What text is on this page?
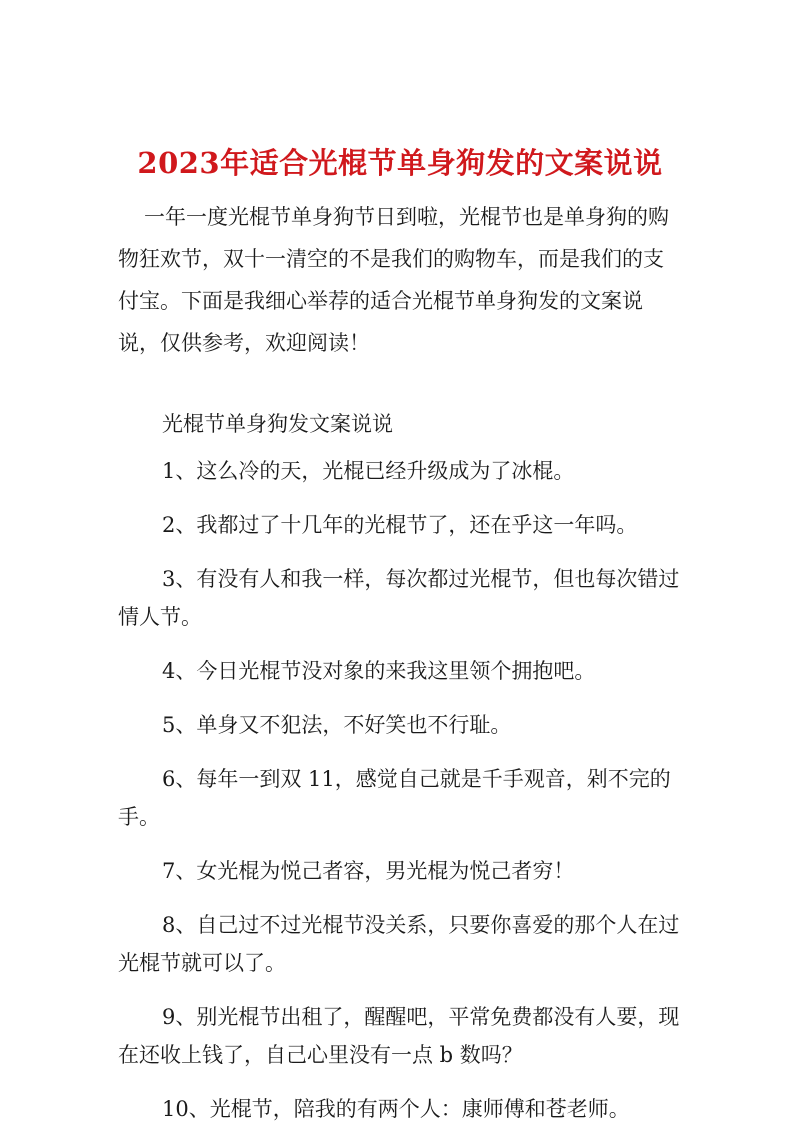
2023年适合光棍节单身狗发的文案说说

一年一度光棍节单身狗节日到啦，光棍节也是单身狗的购物狂欢节，双十一清空的不是我们的购物车，而是我们的支付宝。下面是我细心举荐的适合光棍节单身狗发的文案说说，仅供参考，欢迎阅读！

光棍节单身狗发文案说说

1、这么冷的天，光棍已经升级成为了冰棍。
2、我都过了十几年的光棍节了，还在乎这一年吗。
3、有没有人和我一样，每次都过光棍节，但也每次错过情人节。
4、今日光棍节没对象的来我这里领个拥抱吧。
5、单身又不犯法，不好笑也不行耻。
6、每年一到双 11，感觉自己就是千手观音，剁不完的手。
7、女光棍为悦己者容，男光棍为悦己者穷！
8、自己过不过光棍节没关系，只要你喜爱的那个人在过光棍节就可以了。
9、别光棍节出租了，醒醒吧，平常免费都没有人要，现在还收上钱了，自己心里没有一点 b 数吗？
10、光棍节，陪我的有两个人：康师傅和苍老师。
